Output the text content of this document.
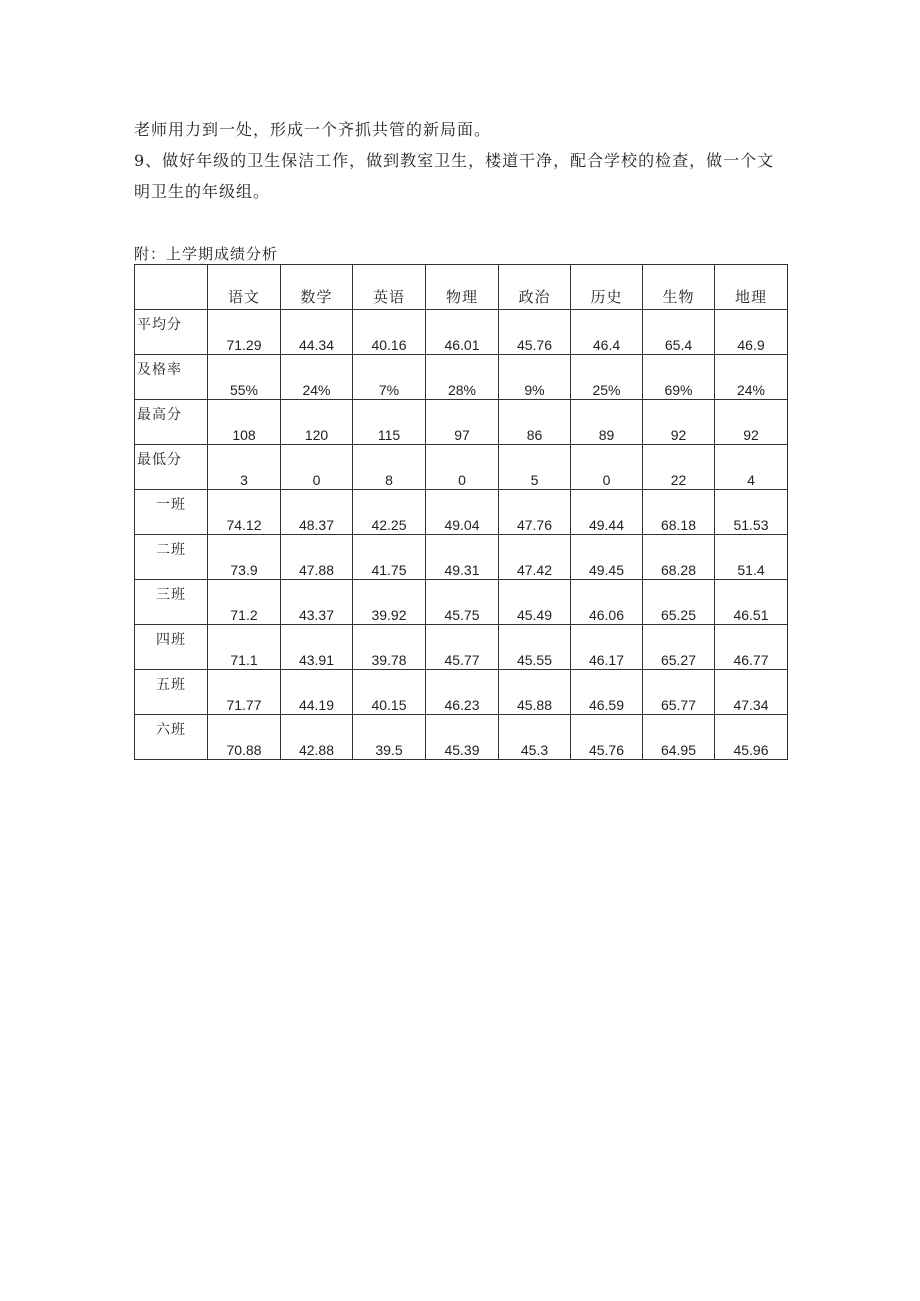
老师用力到一处，形成一个齐抓共管的新局面。
9、做好年级的卫生保洁工作，做到教室卫生，楼道干净，配合学校的检查，做一个文
明卫生的年级组。
附：上学期成绩分析
	语文	数学	英语	物理	政治	历史	生物	地理
平均分	71.29	44.34	40.16	46.01	45.76	46.4	65.4	46.9
及格率	55%	24%	7%	28%	9%	25%	69%	24%
最高分	108	120	115	97	86	89	92	92
最低分	3	0	8	0	5	0	22	4
一班	74.12	48.37	42.25	49.04	47.76	49.44	68.18	51.53
二班	73.9	47.88	41.75	49.31	47.42	49.45	68.28	51.4
三班	71.2	43.37	39.92	45.75	45.49	46.06	65.25	46.51
四班	71.1	43.91	39.78	45.77	45.55	46.17	65.27	46.77
五班	71.77	44.19	40.15	46.23	45.88	46.59	65.77	47.34
六班	70.88	42.88	39.5	45.39	45.3	45.76	64.95	45.96
